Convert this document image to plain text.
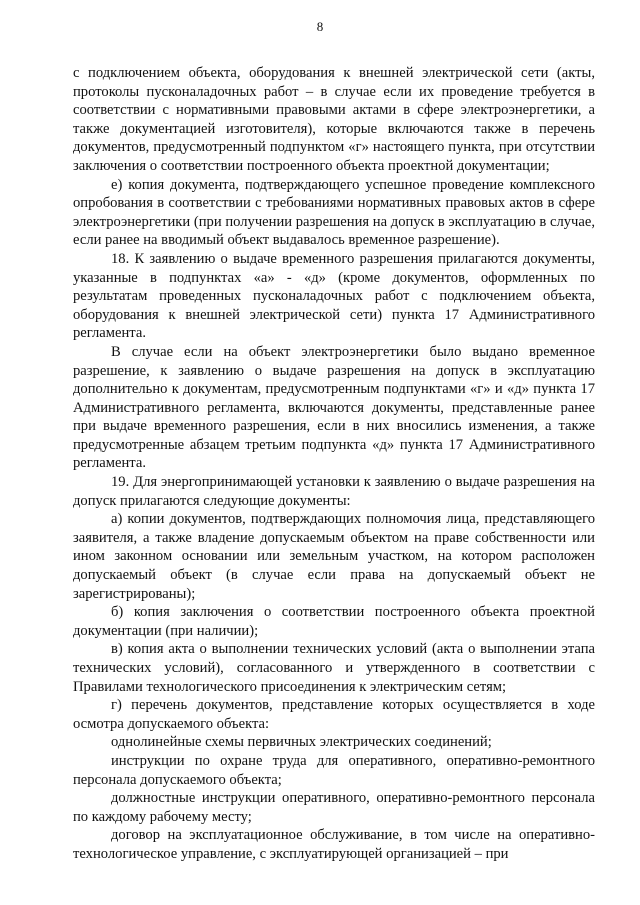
8

с подключением объекта, оборудования к внешней электрической сети (акты, протоколы пусконаладочных работ – в случае если их проведение требуется в соответствии с нормативными правовыми актами в сфере электроэнергетики, а также документацией изготовителя), которые включаются также в перечень документов, предусмотренный подпунктом «г» настоящего пункта, при отсутствии заключения о соответствии построенного объекта проектной документации;

е) копия документа, подтверждающего успешное проведение комплексного опробования в соответствии с требованиями нормативных правовых актов в сфере электроэнергетики (при получении разрешения на допуск в эксплуатацию в случае, если ранее на вводимый объект выдавалось временное разрешение).

18. К заявлению о выдаче временного разрешения прилагаются документы, указанные в подпунктах «а» - «д» (кроме документов, оформленных по результатам проведенных пусконаладочных работ с подключением объекта, оборудования к внешней электрической сети) пункта 17 Административного регламента.

В случае если на объект электроэнергетики было выдано временное разрешение, к заявлению о выдаче разрешения на допуск в эксплуатацию дополнительно к документам, предусмотренным подпунктами «г» и «д» пункта 17 Административного регламента, включаются документы, представленные ранее при выдаче временного разрешения, если в них вносились изменения, а также предусмотренные абзацем третьим подпункта «д» пункта 17 Административного регламента.

19. Для энергопринимающей установки к заявлению о выдаче разрешения на допуск прилагаются следующие документы:

а) копии документов, подтверждающих полномочия лица, представляющего заявителя, а также владение допускаемым объектом на праве собственности или ином законном основании или земельным участком, на котором расположен допускаемый объект (в случае если права на допускаемый объект не зарегистрированы);

б) копия заключения о соответствии построенного объекта проектной документации (при наличии);

в) копия акта о выполнении технических условий (акта о выполнении этапа технических условий), согласованного и утвержденного в соответствии с Правилами технологического присоединения к электрическим сетям;

г) перечень документов, представление которых осуществляется в ходе осмотра допускаемого объекта:

однолинейные схемы первичных электрических соединений;

инструкции по охране труда для оперативного, оперативно-ремонтного персонала допускаемого объекта;

должностные инструкции оперативного, оперативно-ремонтного персонала по каждому рабочему месту;

договор на эксплуатационное обслуживание, в том числе на оперативно-технологическое управление, с эксплуатирующей организацией – при
